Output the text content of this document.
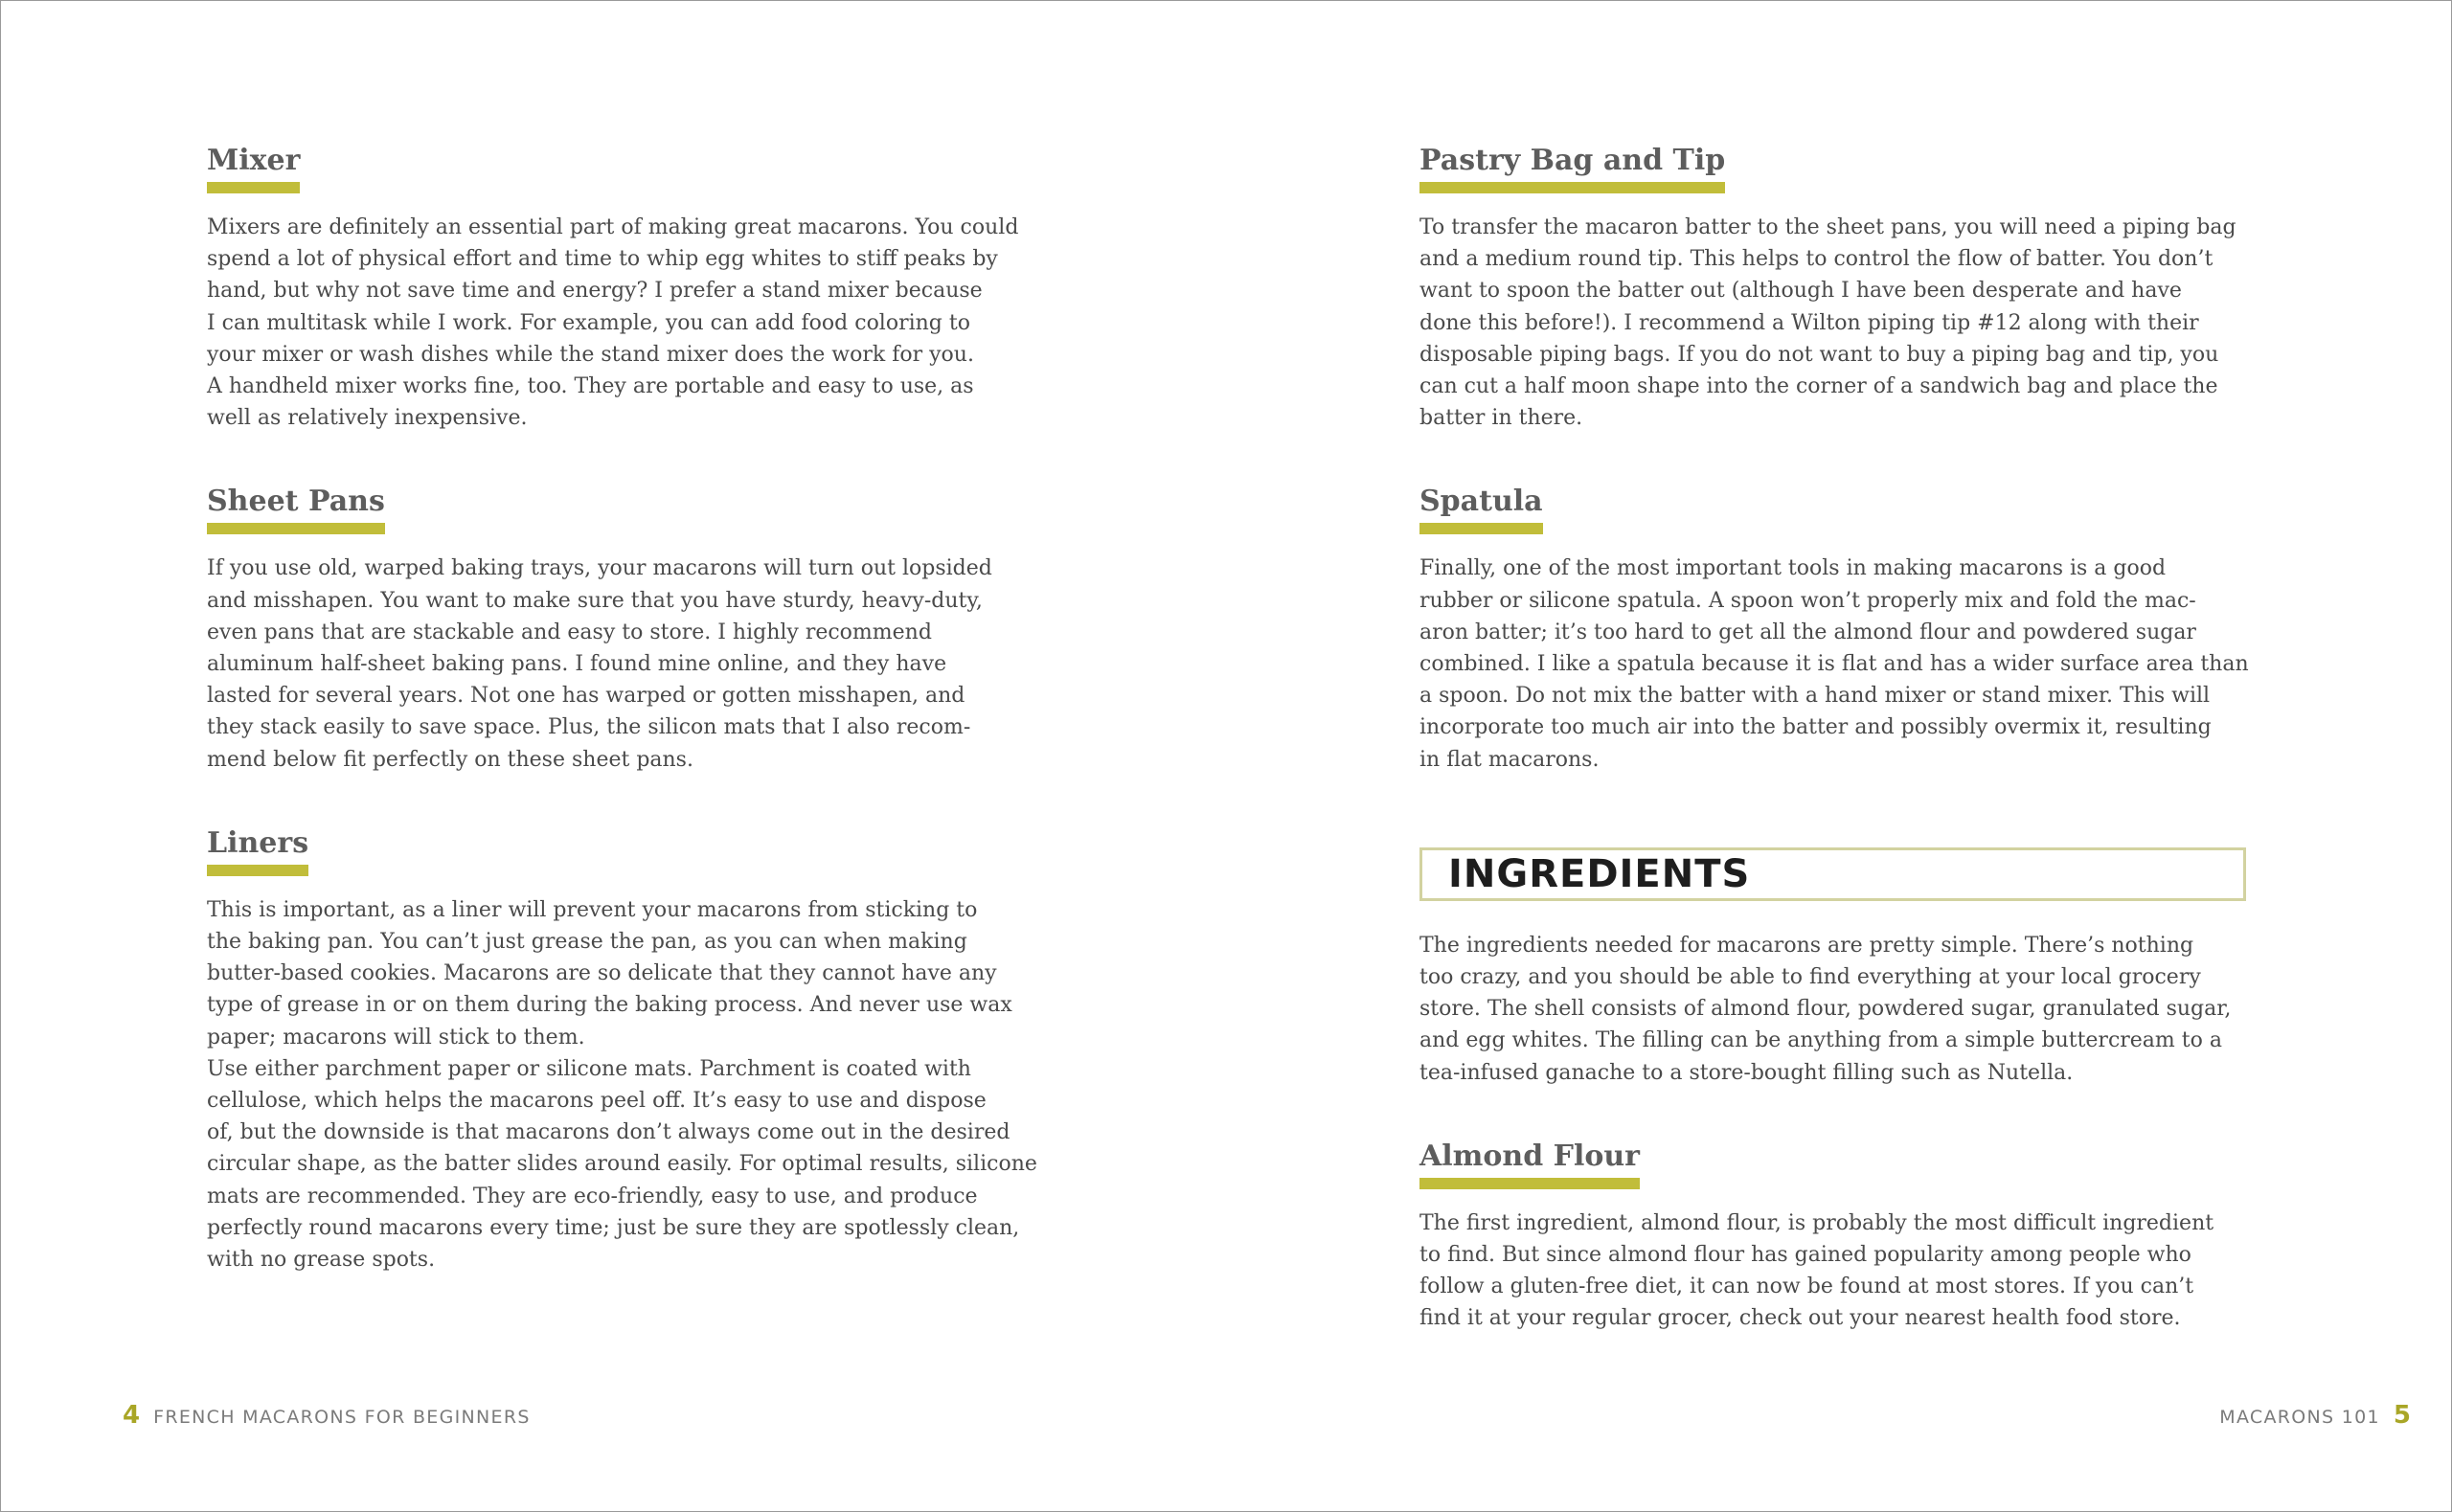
Mixer

Mixers are definitely an essential part of making great macarons. You could
spend a lot of physical effort and time to whip egg whites to stiff peaks by
hand, but why not save time and energy? I prefer a stand mixer because
I can multitask while I work. For example, you can add food coloring to
your mixer or wash dishes while the stand mixer does the work for you.
A handheld mixer works fine, too. They are portable and easy to use, as
well as relatively inexpensive.

Sheet Pans

If you use old, warped baking trays, your macarons will turn out lopsided
and misshapen. You want to make sure that you have sturdy, heavy-duty,
even pans that are stackable and easy to store. I highly recommend
aluminum half-sheet baking pans. I found mine online, and they have
lasted for several years. Not one has warped or gotten misshapen, and
they stack easily to save space. Plus, the silicon mats that I also recom-
mend below fit perfectly on these sheet pans.

Liners

This is important, as a liner will prevent your macarons from sticking to
the baking pan. You can’t just grease the pan, as you can when making
butter-based cookies. Macarons are so delicate that they cannot have any
type of grease in or on them during the baking process. And never use wax
paper; macarons will stick to them.
Use either parchment paper or silicone mats. Parchment is coated with
cellulose, which helps the macarons peel off. It’s easy to use and dispose
of, but the downside is that macarons don’t always come out in the desired
circular shape, as the batter slides around easily. For optimal results, silicone
mats are recommended. They are eco-friendly, easy to use, and produce
perfectly round macarons every time; just be sure they are spotlessly clean,
with no grease spots.

Pastry Bag and Tip

To transfer the macaron batter to the sheet pans, you will need a piping bag
and a medium round tip. This helps to control the flow of batter. You don’t
want to spoon the batter out (although I have been desperate and have
done this before!). I recommend a Wilton piping tip #12 along with their
disposable piping bags. If you do not want to buy a piping bag and tip, you
can cut a half moon shape into the corner of a sandwich bag and place the
batter in there.

Spatula

Finally, one of the most important tools in making macarons is a good
rubber or silicone spatula. A spoon won’t properly mix and fold the mac-
aron batter; it’s too hard to get all the almond flour and powdered sugar
combined. I like a spatula because it is flat and has a wider surface area than
a spoon. Do not mix the batter with a hand mixer or stand mixer. This will
incorporate too much air into the batter and possibly overmix it, resulting
in flat macarons.

INGREDIENTS

The ingredients needed for macarons are pretty simple. There’s nothing
too crazy, and you should be able to find everything at your local grocery
store. The shell consists of almond flour, powdered sugar, granulated sugar,
and egg whites. The filling can be anything from a simple buttercream to a
tea-infused ganache to a store-bought filling such as Nutella.

Almond Flour

The first ingredient, almond flour, is probably the most difficult ingredient
to find. But since almond flour has gained popularity among people who
follow a gluten-free diet, it can now be found at most stores. If you can’t
find it at your regular grocer, check out your nearest health food store.

4 FRENCH MACARONS FOR BEGINNERS	MACARONS 101 5
